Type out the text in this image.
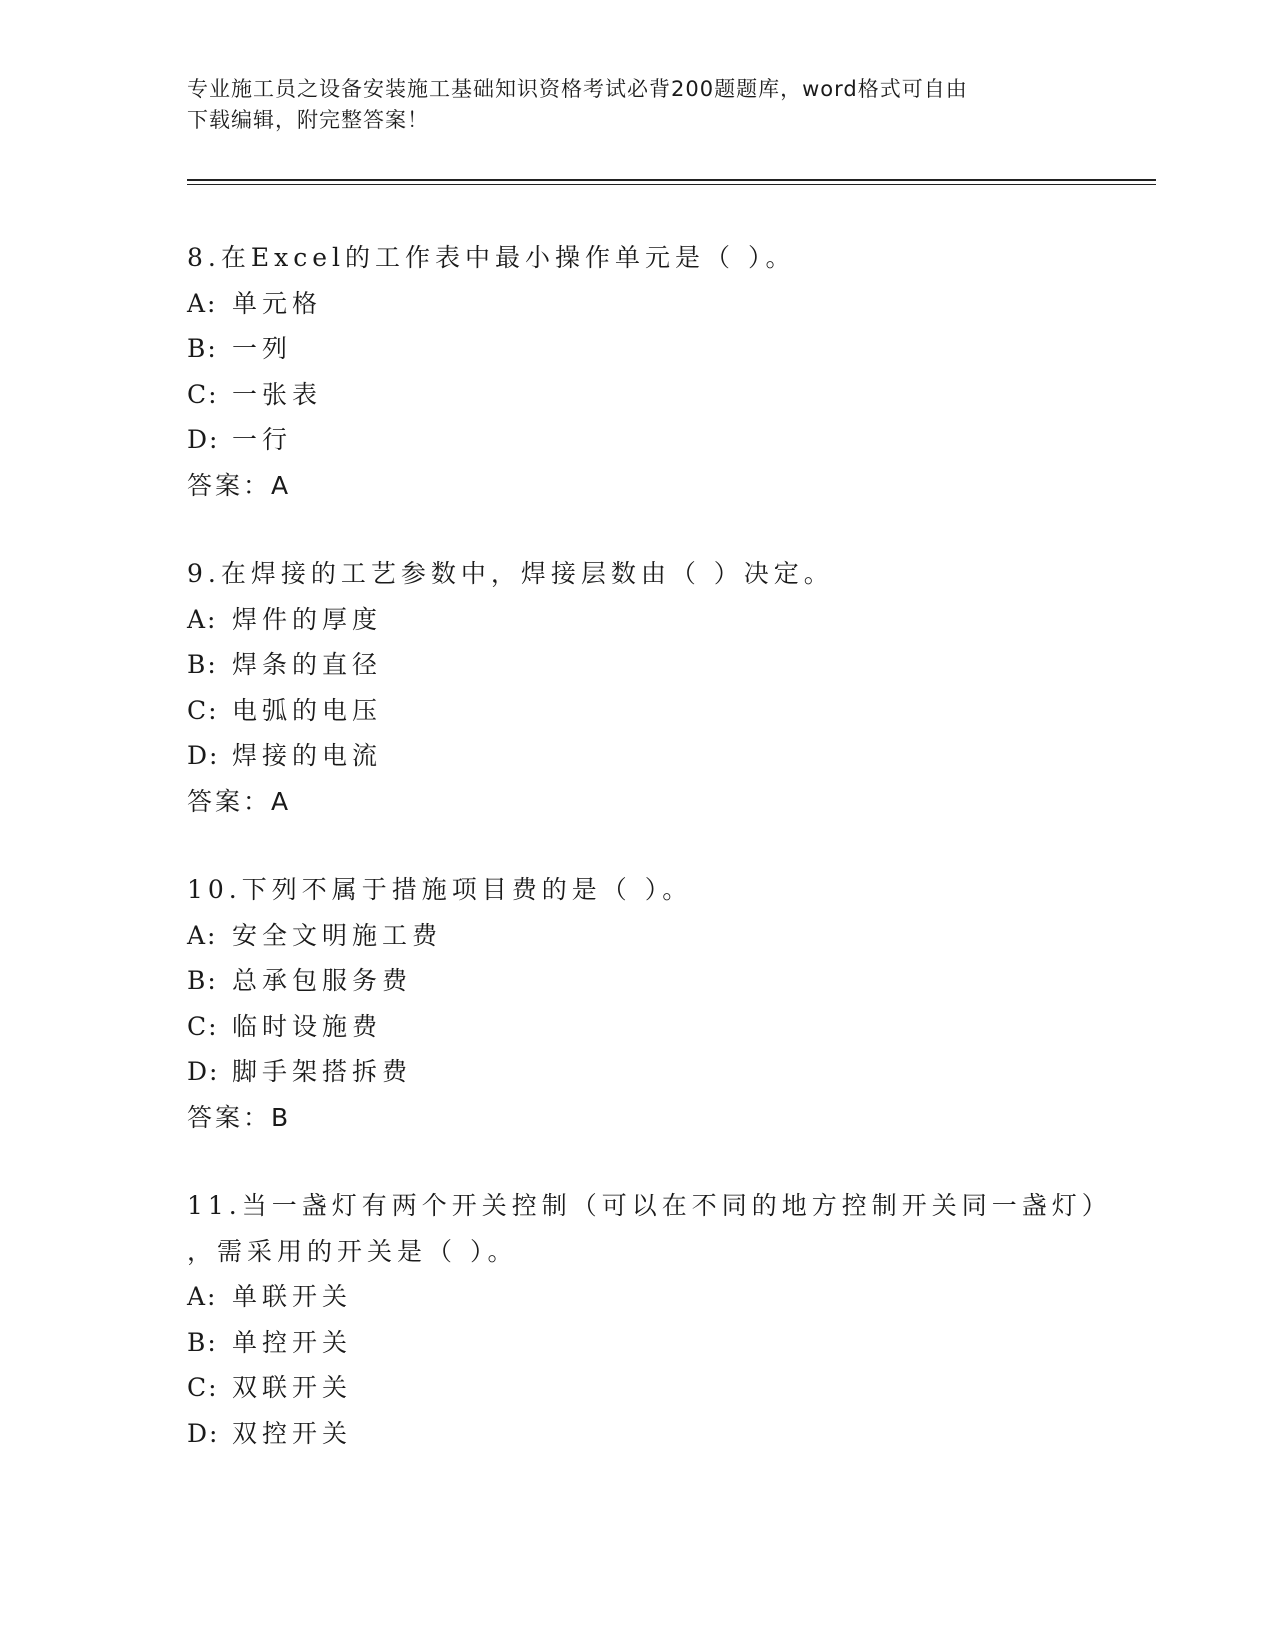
专业施工员之设备安装施工基础知识资格考试必背200题题库，word格式可自由
下载编辑，附完整答案！
8.在Excel的工作表中最小操作单元是（ ）。
A: 单元格
B: 一列
C: 一张表
D: 一行
答案：A
9.在焊接的工艺参数中，焊接层数由（ ）决定。
A: 焊件的厚度
B: 焊条的直径
C: 电弧的电压
D: 焊接的电流
答案：A
10.下列不属于措施项目费的是（ ）。
A: 安全文明施工费
B: 总承包服务费
C: 临时设施费
D: 脚手架搭拆费
答案：B
11.当一盏灯有两个开关控制（可以在不同的地方控制开关同一盏灯）
，需采用的开关是（ ）。
A: 单联开关
B: 单控开关
C: 双联开关
D: 双控开关
